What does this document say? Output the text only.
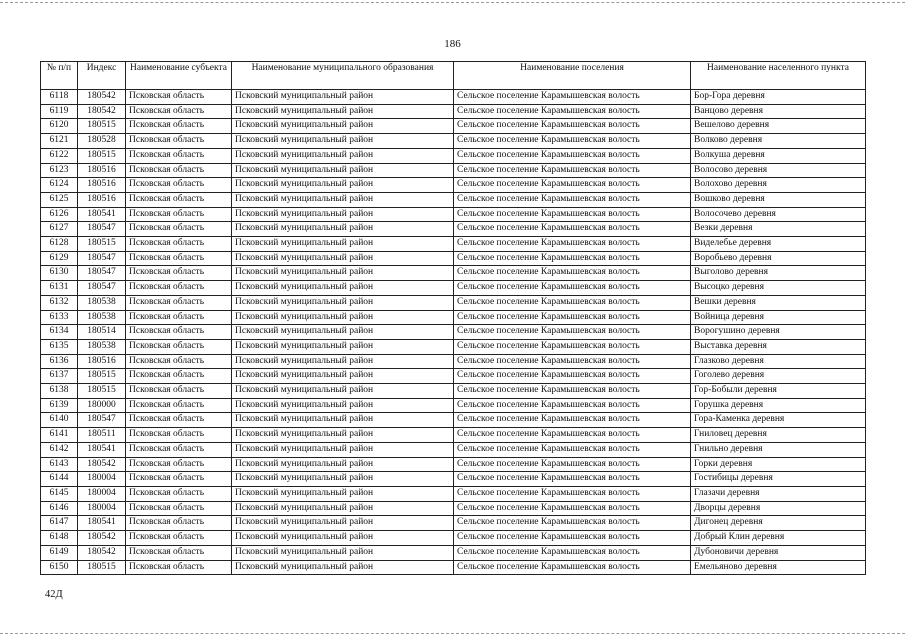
186
№ п/п	Индекс	Наименование субъекта	Наименование муниципального образования	Наименование поселения	Наименование населенного пункта
6118	180542	Псковская область	Псковский муниципальный район	Сельское поселение Карамышевская волость	Бор-Гора деревня
6119	180542	Псковская область	Псковский муниципальный район	Сельское поселение Карамышевская волость	Ванцово деревня
6120	180515	Псковская область	Псковский муниципальный район	Сельское поселение Карамышевская волость	Вешелово деревня
6121	180528	Псковская область	Псковский муниципальный район	Сельское поселение Карамышевская волость	Волково деревня
6122	180515	Псковская область	Псковский муниципальный район	Сельское поселение Карамышевская волость	Волкуша деревня
6123	180516	Псковская область	Псковский муниципальный район	Сельское поселение Карамышевская волость	Волосово деревня
6124	180516	Псковская область	Псковский муниципальный район	Сельское поселение Карамышевская волость	Волохово деревня
6125	180516	Псковская область	Псковский муниципальный район	Сельское поселение Карамышевская волость	Вошково деревня
6126	180541	Псковская область	Псковский муниципальный район	Сельское поселение Карамышевская волость	Волосочево деревня
6127	180547	Псковская область	Псковский муниципальный район	Сельское поселение Карамышевская волость	Везки деревня
6128	180515	Псковская область	Псковский муниципальный район	Сельское поселение Карамышевская волость	Виделебье деревня
6129	180547	Псковская область	Псковский муниципальный район	Сельское поселение Карамышевская волость	Воробьево деревня
6130	180547	Псковская область	Псковский муниципальный район	Сельское поселение Карамышевская волость	Выголово деревня
6131	180547	Псковская область	Псковский муниципальный район	Сельское поселение Карамышевская волость	Высоцко деревня
6132	180538	Псковская область	Псковский муниципальный район	Сельское поселение Карамышевская волость	Вешки деревня
6133	180538	Псковская область	Псковский муниципальный район	Сельское поселение Карамышевская волость	Войница деревня
6134	180514	Псковская область	Псковский муниципальный район	Сельское поселение Карамышевская волость	Ворогушино деревня
6135	180538	Псковская область	Псковский муниципальный район	Сельское поселение Карамышевская волость	Выставка деревня
6136	180516	Псковская область	Псковский муниципальный район	Сельское поселение Карамышевская волость	Глазково деревня
6137	180515	Псковская область	Псковский муниципальный район	Сельское поселение Карамышевская волость	Гоголево деревня
6138	180515	Псковская область	Псковский муниципальный район	Сельское поселение Карамышевская волость	Гор-Бобыли деревня
6139	180000	Псковская область	Псковский муниципальный район	Сельское поселение Карамышевская волость	Горушка деревня
6140	180547	Псковская область	Псковский муниципальный район	Сельское поселение Карамышевская волость	Гора-Каменка деревня
6141	180511	Псковская область	Псковский муниципальный район	Сельское поселение Карамышевская волость	Гниловец деревня
6142	180541	Псковская область	Псковский муниципальный район	Сельское поселение Карамышевская волость	Гнильно деревня
6143	180542	Псковская область	Псковский муниципальный район	Сельское поселение Карамышевская волость	Горки деревня
6144	180004	Псковская область	Псковский муниципальный район	Сельское поселение Карамышевская волость	Гостибицы деревня
6145	180004	Псковская область	Псковский муниципальный район	Сельское поселение Карамышевская волость	Глазачи деревня
6146	180004	Псковская область	Псковский муниципальный район	Сельское поселение Карамышевская волость	Дворцы деревня
6147	180541	Псковская область	Псковский муниципальный район	Сельское поселение Карамышевская волость	Дигонец деревня
6148	180542	Псковская область	Псковский муниципальный район	Сельское поселение Карамышевская волость	Добрый Клин деревня
6149	180542	Псковская область	Псковский муниципальный район	Сельское поселение Карамышевская волость	Дубоновичи деревня
6150	180515	Псковская область	Псковский муниципальный район	Сельское поселение Карамышевская волость	Емельяново деревня
42Д
